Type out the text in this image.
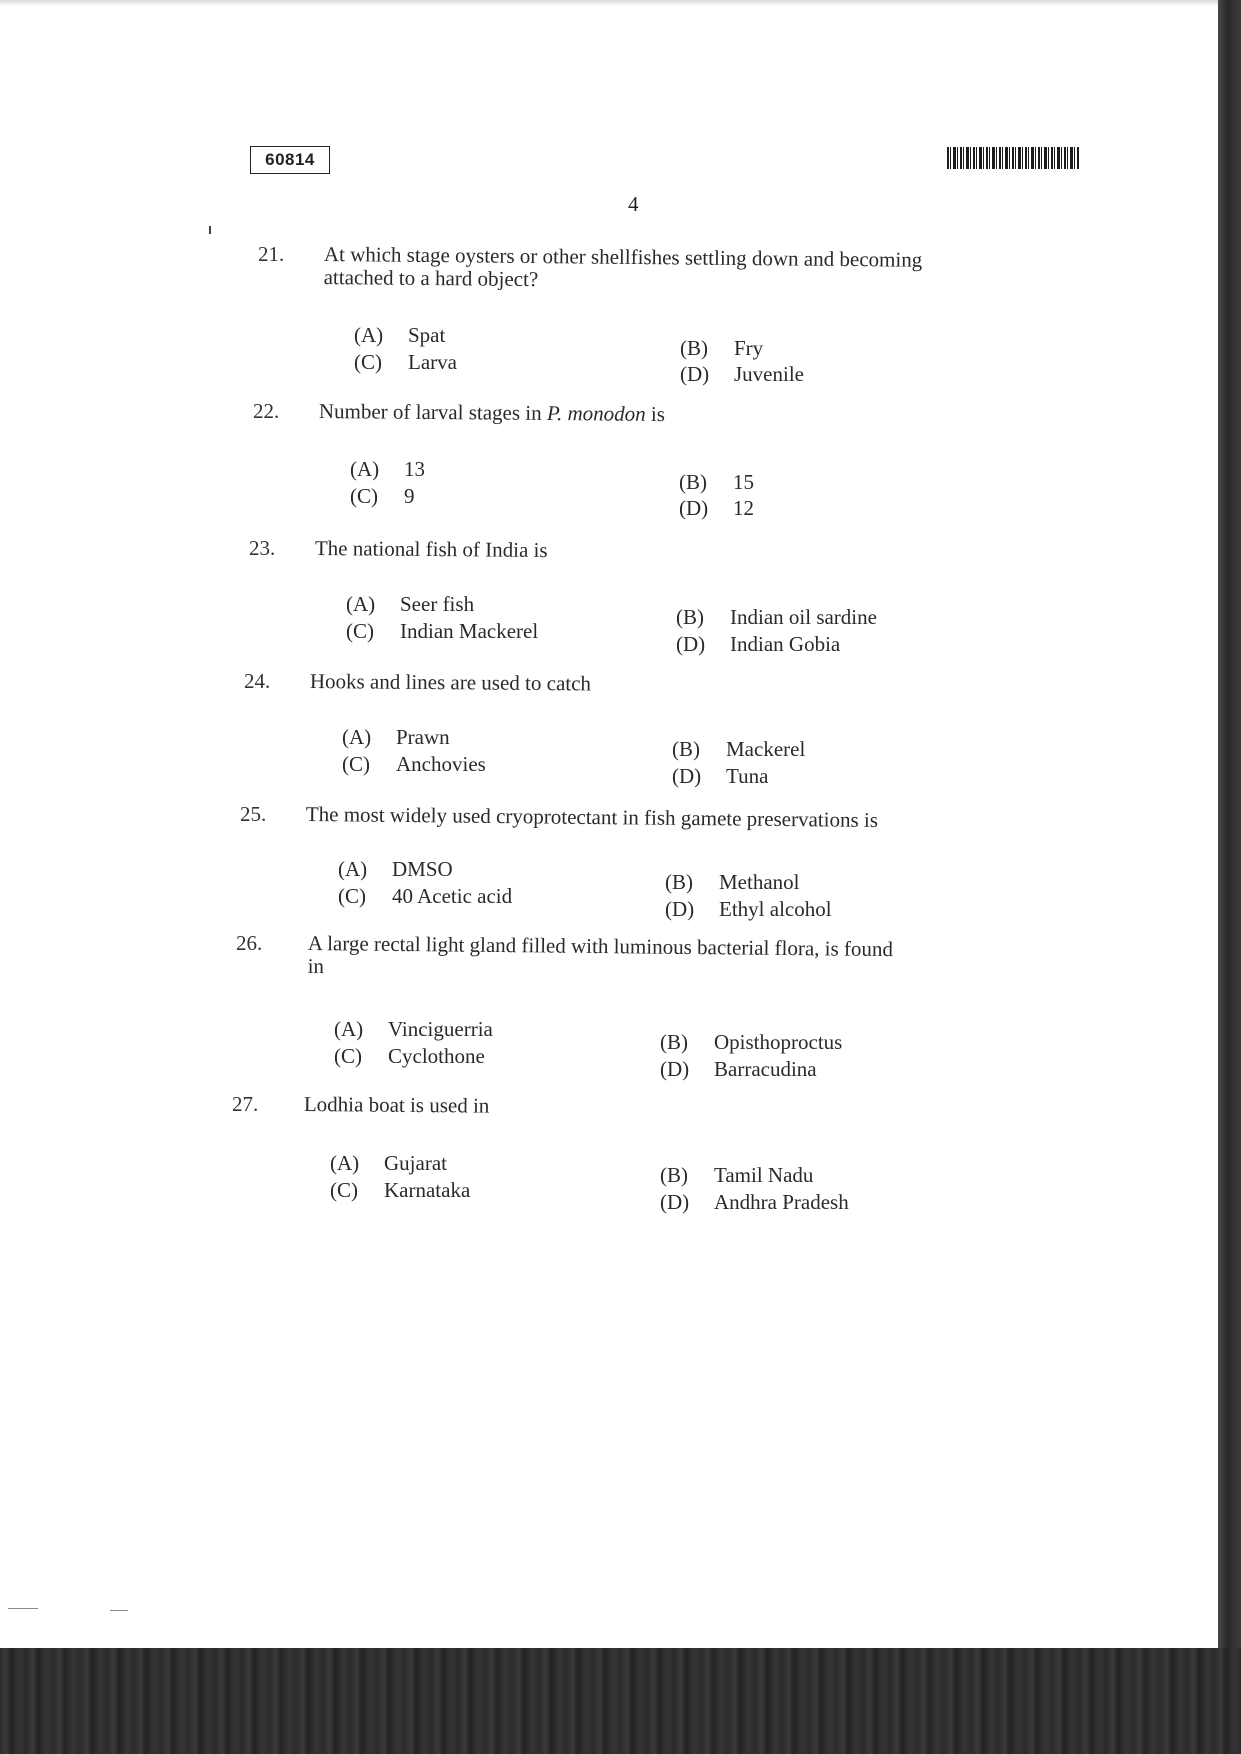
60814
4
21. At which stage oysters or other shellfishes settling down and becoming
attached to a hard object?
(A) Spat
(C) Larva
(B) Fry
(D) Juvenile
22. Number of larval stages in P. monodon is
(A) 13
(C) 9
(B) 15
(D) 12
23. The national fish of India is
(A) Seer fish
(C) Indian Mackerel
(B) Indian oil sardine
(D) Indian Gobia
24. Hooks and lines are used to catch
(A) Prawn
(C) Anchovies
(B) Mackerel
(D) Tuna
25. The most widely used cryoprotectant in fish gamete preservations is
(A) DMSO
(C) 40 Acetic acid
(B) Methanol
(D) Ethyl alcohol
26. A large rectal light gland filled with luminous bacterial flora, is found
in
(A) Vinciguerria
(C) Cyclothone
(B) Opisthoproctus
(D) Barracudina
27. Lodhia boat is used in
(A) Gujarat
(C) Karnataka
(B) Tamil Nadu
(D) Andhra Pradesh
